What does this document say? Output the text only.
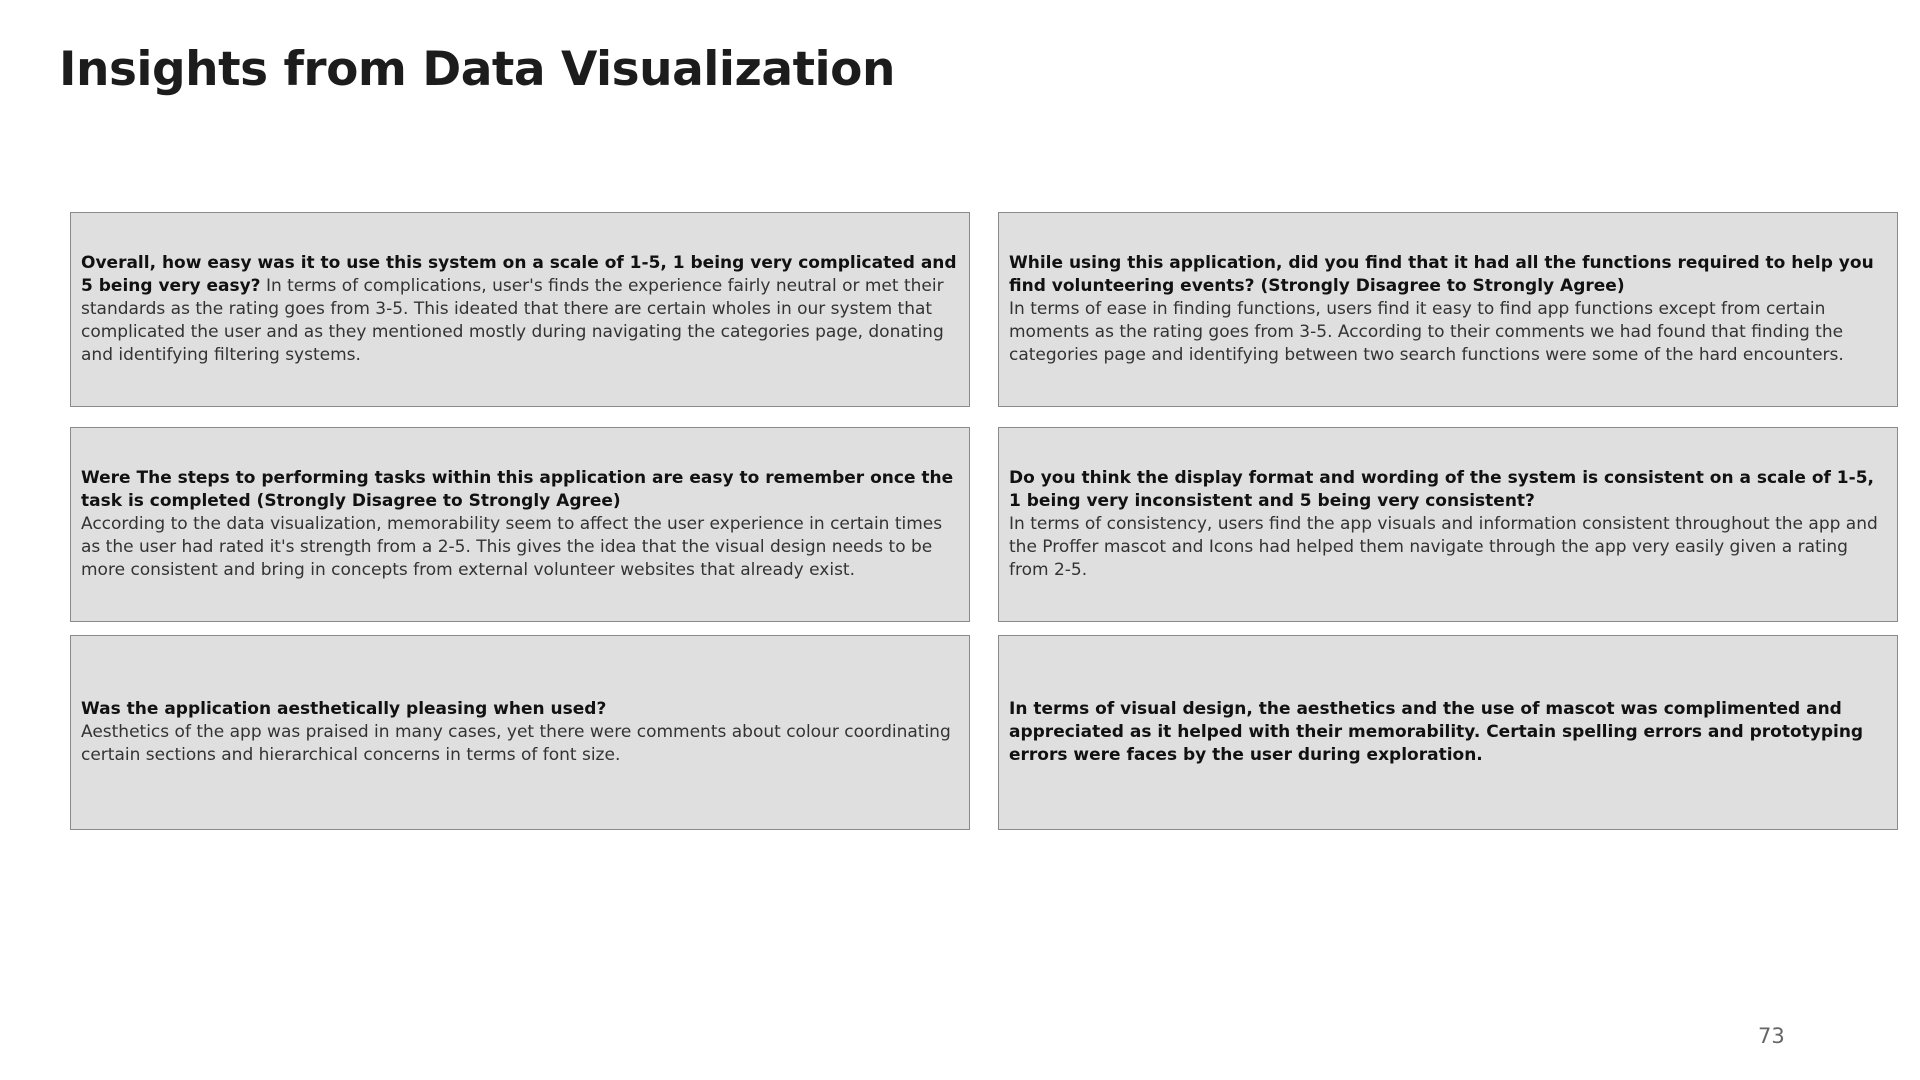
Insights from Data Visualization

Overall, how easy was it to use this system on a scale of 1-5, 1 being very complicated and 5 being very easy? In terms of complications, user's finds the experience fairly neutral or met their standards as the rating goes from 3-5. This ideated that there are certain wholes in our system that complicated the user and as they mentioned mostly during navigating the categories page, donating and identifying filtering systems.

While using this application, did you find that it had all the functions required to help you find volunteering events? (Strongly Disagree to Strongly Agree)

In terms of ease in finding functions, users find it easy to find app functions except from certain moments as the rating goes from 3-5. According to their comments we had found that finding the categories page and identifying between two search functions were some of the hard encounters.

Were The steps to performing tasks within this application are easy to remember once the task is completed (Strongly Disagree to Strongly Agree)

According to the data visualization, memorability seem to affect the user experience in certain times as the user had rated it's strength from a 2-5. This gives the idea that the visual design needs to be more consistent and bring in concepts from external volunteer websites that already exist.

Do you think the display format and wording of the system is consistent on a scale of 1-5, 1 being very inconsistent and 5 being very consistent?

In terms of consistency, users find the app visuals and information consistent throughout the app and the Proffer mascot and Icons had helped them navigate through the app very easily given a rating from 2-5.

Was the application aesthetically pleasing when used?

Aesthetics of the app was praised in many cases, yet there were comments about colour coordinating certain sections and hierarchical concerns in terms of font size.

In terms of visual design, the aesthetics and the use of mascot was complimented and appreciated as it helped with their memorability. Certain spelling errors and prototyping errors were faces by the user during exploration.

73
